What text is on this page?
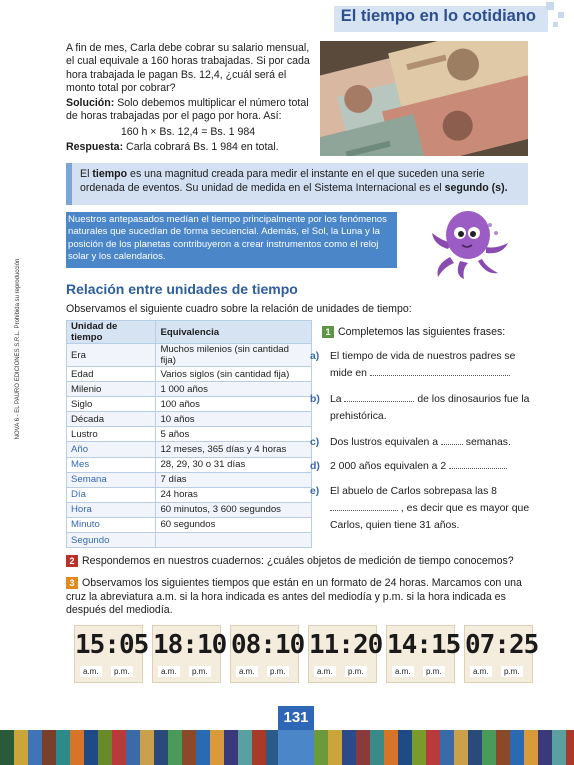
El tiempo en lo cotidiano
NOVA 6 - EL PAURO EDICIONES S.R.L. Prohibida su reproducción

A fin de mes, Carla debe cobrar su salario mensual, el cual equivale a 160 horas trabajadas. Si por cada hora trabajada le pagan Bs. 12,4, ¿cuál será el monto total por cobrar?

Solución: Solo debemos multiplicar el número total de horas trabajadas por el pago por hora. Así:

160 h × Bs. 12,4 = Bs. 1 984

Respuesta: Carla cobrará Bs. 1 984 en total.

El tiempo es una magnitud creada para medir el instante en el que suceden una serie ordenada de eventos. Su unidad de medida en el Sistema Internacional es el segundo (s).
Nuestros antepasados medían el tiempo principalmente por los fenómenos naturales que sucedían de forma secuencial. Además, el Sol, la Luna y la posición de los planetas contribuyeron a crear instrumentos como el reloj solar y los calendarios.
Relación entre unidades de tiempo
Observamos el siguiente cuadro sobre la relación de unidades de tiempo:
Unidad de tiempo	Equivalencia
Era	Muchos milenios (sin cantidad fija)
Edad	Varios siglos (sin cantidad fija)
Milenio	1 000 años
Siglo	100 años
Década	10 años
Lustro	5 años
Año	12 meses, 365 días y 4 horas
Mes	28, 29, 30 o 31 días
Semana	7 días
Día	24 horas
Hora	60 minutos, 3 600 segundos
Minuto	60 segundos
Segundo	
1 Completemos las siguientes frases:
a) El tiempo de vida de nuestros padres se mide en
b) La	de los dinosaurios fue la prehistórica.
c) Dos lustros equivalen a	semanas.
d) 2 000 años equivalen a 2
e) El abuelo de Carlos sobrepasa las 8  , es decir que es mayor que Carlos, quien tiene 31 años.
2 Respondemos en nuestros cuadernos: ¿cuáles objetos de medición de tiempo conocemos?
3 Observamos los siguientes tiempos que están en un formato de 24 horas. Marcamos con una cruz la abreviatura a.m. si la hora indicada es antes del mediodía y p.m. si la hora indicada es después del mediodía.
15:05
a.m.	p.m.
18:10
a.m.	p.m.
08:10
a.m.	p.m.
11:20
a.m.	p.m.
14:15
a.m.	p.m.
07:25
a.m.	p.m.
131
